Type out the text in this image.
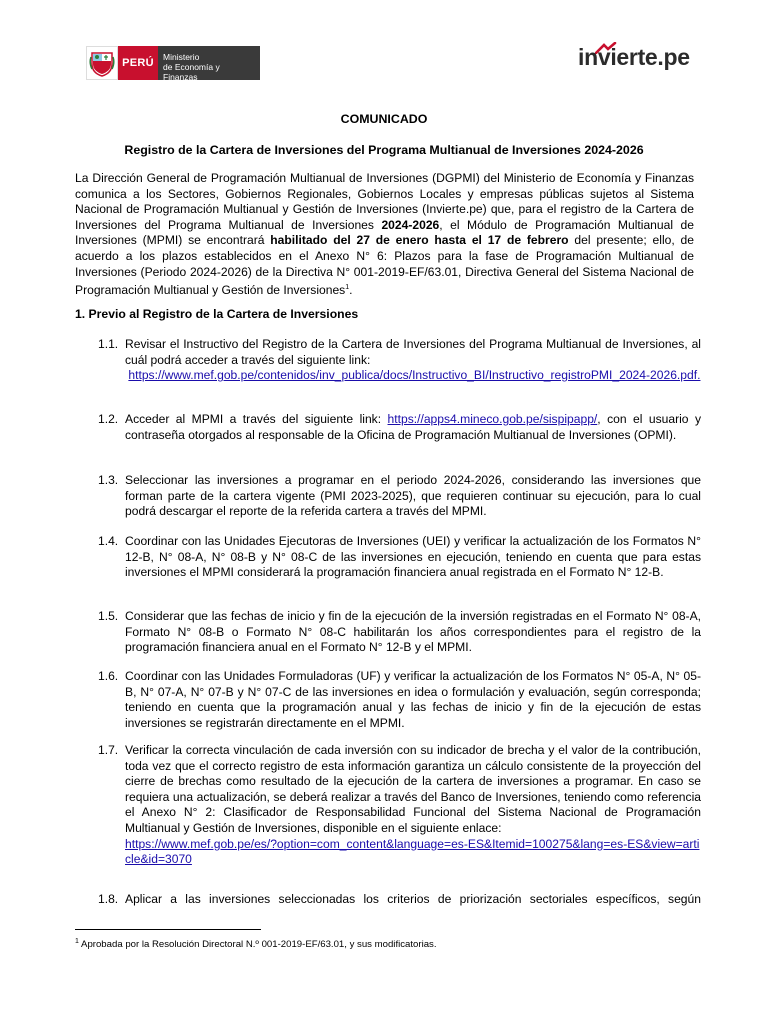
PERÚ	Ministerio
de Economía y Finanzas
invierte.pe
COMUNICADO
Registro de la Cartera de Inversiones del Programa Multianual de Inversiones 2024-2026
La Dirección General de Programación Multianual de Inversiones (DGPMI) del Ministerio de Economía y Finanzas comunica a los Sectores, Gobiernos Regionales, Gobiernos Locales y empresas públicas sujetos al Sistema Nacional de Programación Multianual y Gestión de Inversiones (Invierte.pe) que, para el registro de la Cartera de Inversiones del Programa Multianual de Inversiones 2024-2026, el Módulo de Programación Multianual de Inversiones (MPMI) se encontrará habilitado del 27 de enero hasta el 17 de febrero del presente; ello, de acuerdo a los plazos establecidos en el Anexo N° 6: Plazos para la fase de Programación Multianual de Inversiones (Periodo 2024-2026) de la Directiva N° 001-2019-EF/63.01, Directiva General del Sistema Nacional de Programación Multianual y Gestión de Inversiones$^1$.
1. Previo al Registro de la Cartera de Inversiones
1.1. Revisar el Instructivo del Registro de la Cartera de Inversiones del Programa Multianual de Inversiones, al cuál podrá acceder a través del siguiente link:
https://www.mef.gob.pe/contenidos/inv_publica/docs/Instructivo_BI/Instructivo_registroPMI_2024-2026.pdf.
1.2. Acceder al MPMI a través del siguiente link: https://apps4.mineco.gob.pe/sispipapp/, con el usuario y contraseña otorgados al responsable de la Oficina de Programación Multianual de Inversiones (OPMI).
1.3. Seleccionar las inversiones a programar en el periodo 2024-2026, considerando las inversiones que forman parte de la cartera vigente (PMI 2023-2025), que requieren continuar su ejecución, para lo cual podrá descargar el reporte de la referida cartera a través del MPMI.
1.4. Coordinar con las Unidades Ejecutoras de Inversiones (UEI) y verificar la actualización de los Formatos N° 12-B, N° 08-A, N° 08-B y N° 08-C de las inversiones en ejecución, teniendo en cuenta que para estas inversiones el MPMI considerará la programación financiera anual registrada en el Formato N° 12-B.
1.5. Considerar que las fechas de inicio y fin de la ejecución de la inversión registradas en el Formato N° 08-A, Formato N° 08-B o Formato N° 08-C habilitarán los años correspondientes para el registro de la programación financiera anual en el Formato N° 12-B y el MPMI.
1.6. Coordinar con las Unidades Formuladoras (UF) y verificar la actualización de los Formatos N° 05-A, N° 05-B, N° 07-A, N° 07-B y N° 07-C de las inversiones en idea o formulación y evaluación, según corresponda; teniendo en cuenta que la programación anual y las fechas de inicio y fin de la ejecución de estas inversiones se registrarán directamente en el MPMI.
1.7. Verificar la correcta vinculación de cada inversión con su indicador de brecha y el valor de la contribución, toda vez que el correcto registro de esta información garantiza un cálculo consistente de la proyección del cierre de brechas como resultado de la ejecución de la cartera de inversiones a programar. En caso se requiera una actualización, se deberá realizar a través del Banco de Inversiones, teniendo como referencia el Anexo N° 2: Clasificador de Responsabilidad Funcional del Sistema Nacional de Programación Multianual y Gestión de Inversiones, disponible en el siguiente enlace:
https://www.mef.gob.pe/es/?option=com_content&language=es-ES&Itemid=100275&lang=es-ES&view=article&id=3070
1.8. Aplicar a las inversiones seleccionadas los criterios de priorización sectoriales específicos, según
$^1$ Aprobada por la Resolución Directoral N.º 001-2019-EF/63.01, y sus modificatorias.
